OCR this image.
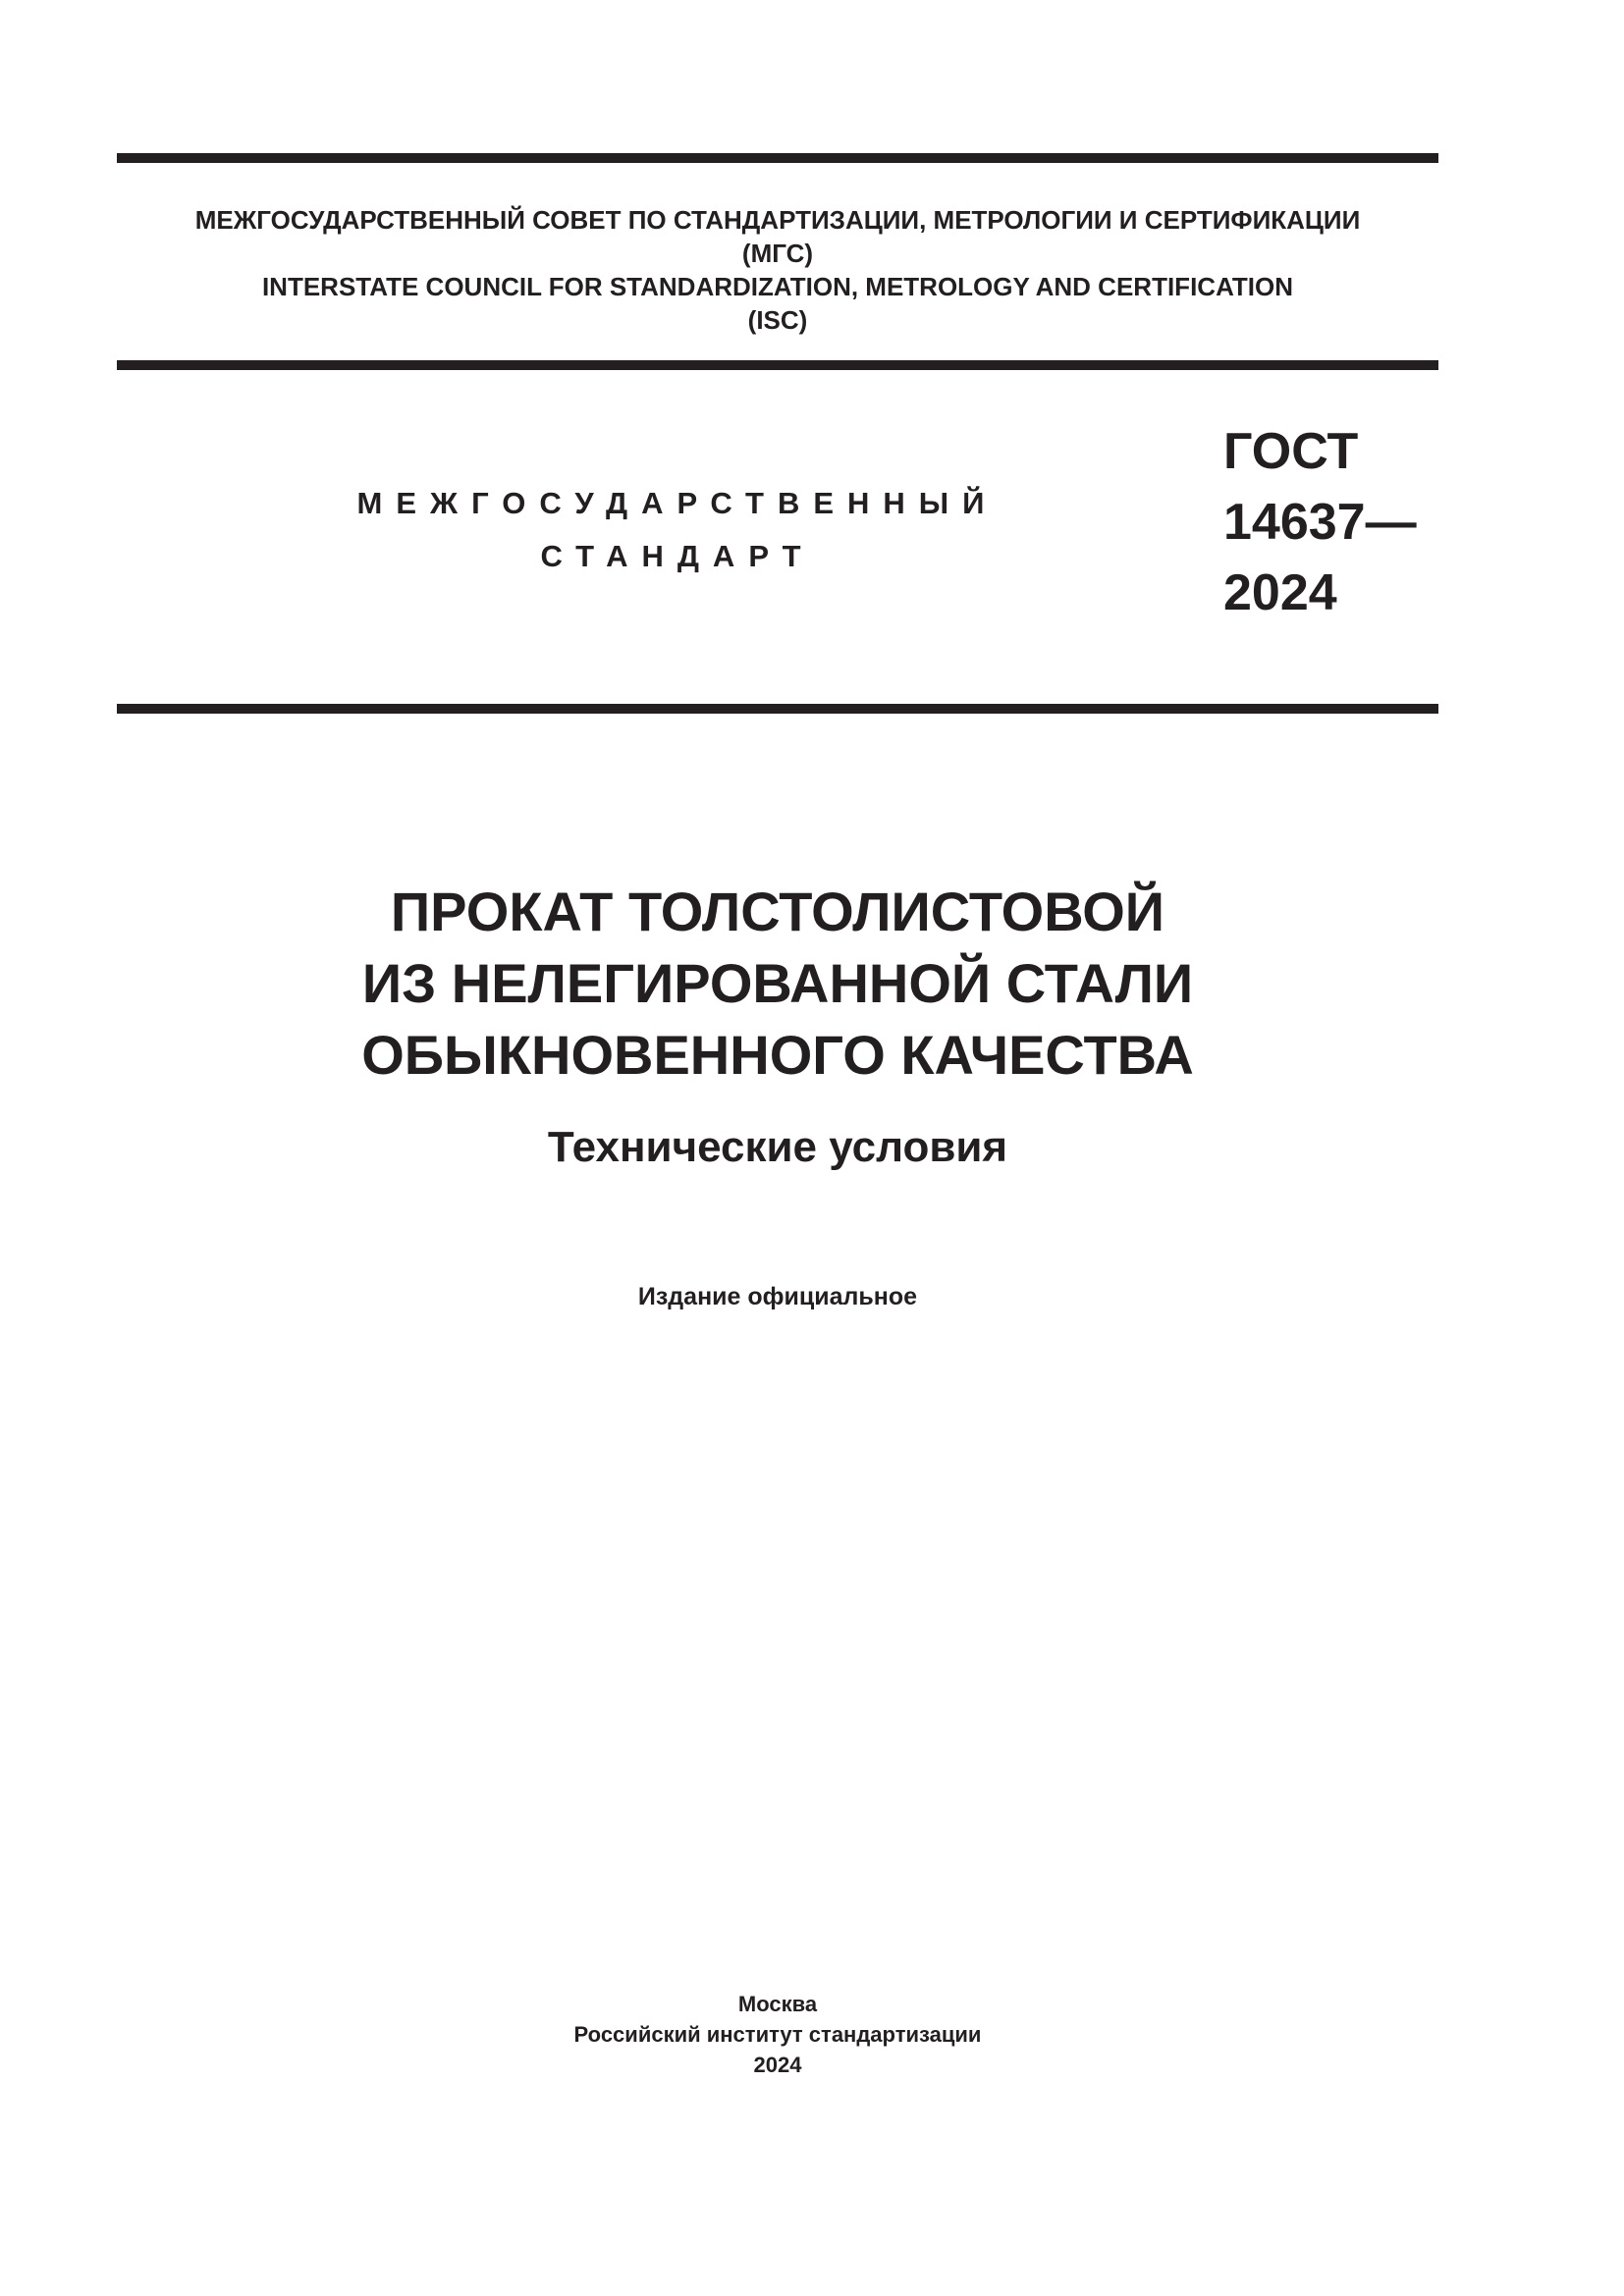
МЕЖГОСУДАРСТВЕННЫЙ СОВЕТ ПО СТАНДАРТИЗАЦИИ, МЕТРОЛОГИИ И СЕРТИФИКАЦИИ
(МГС)
INTERSTATE COUNCIL FOR STANDARDIZATION, METROLOGY AND CERTIFICATION
(ISC)
МЕЖГОСУДАРСТВЕННЫЙ
СТАНДАРТ
ГОСТ
14637—
2024
ПРОКАТ ТОЛСТОЛИСТОВОЙ
ИЗ НЕЛЕГИРОВАННОЙ СТАЛИ
ОБЫКНОВЕННОГО КАЧЕСТВА
Технические условия
Издание официальное
Москва
Российский институт стандартизации
2024
